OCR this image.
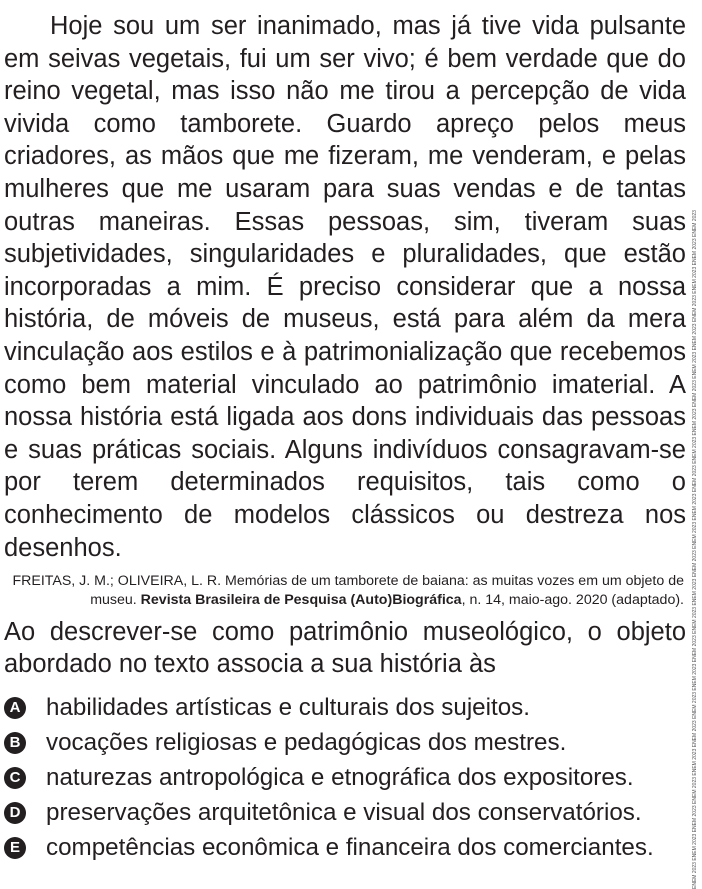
Hoje sou um ser inanimado, mas já tive vida pulsante em seivas vegetais, fui um ser vivo; é bem verdade que do reino vegetal, mas isso não me tirou a percepção de vida vivida como tamborete. Guardo apreço pelos meus criadores, as mãos que me fizeram, me venderam, e pelas mulheres que me usaram para suas vendas e de tantas outras maneiras. Essas pessoas, sim, tiveram suas subjetividades, singularidades e pluralidades, que estão incorporadas a mim. É preciso considerar que a nossa história, de móveis de museus, está para além da mera vinculação aos estilos e à patrimonialização que recebemos como bem material vinculado ao patrimônio imaterial. A nossa história está ligada aos dons individuais das pessoas e suas práticas sociais. Alguns indivíduos consagravam-se por terem determinados requisitos, tais como o conhecimento de modelos clássicos ou destreza nos desenhos.

FREITAS, J. M.; OLIVEIRA, L. R. Memórias de um tamborete de baiana: as muitas vozes em um objeto de museu. Revista Brasileira de Pesquisa (Auto)Biográfica, n. 14, maio-ago. 2020 (adaptado).

Ao descrever-se como patrimônio museológico, o objeto abordado no texto associa a sua história às

A habilidades artísticas e culturais dos sujeitos.
B vocações religiosas e pedagógicas dos mestres.
C naturezas antropológica e etnográfica dos expositores.
D preservações arquitetônica e visual dos conservatórios.
E competências econômica e financeira dos comerciantes.	ENEM 2023 ENEM 2023 ENEM 2023 ENEM 2023 ENEM 2023 ENEM 2023 ENEM 2023 ENEM 2023 ENEM 2023 ENEM 2023 ENEM 2023 ENEM 2023 ENEM 2023 ENEM 2023 ENEM 2023 ENEM 2023 ENEM 2023 ENEM 2023 ENEM 2023 ENEM 2023 ENEM 2023 ENEM 2023 ENEM 2023 ENEM 2023
